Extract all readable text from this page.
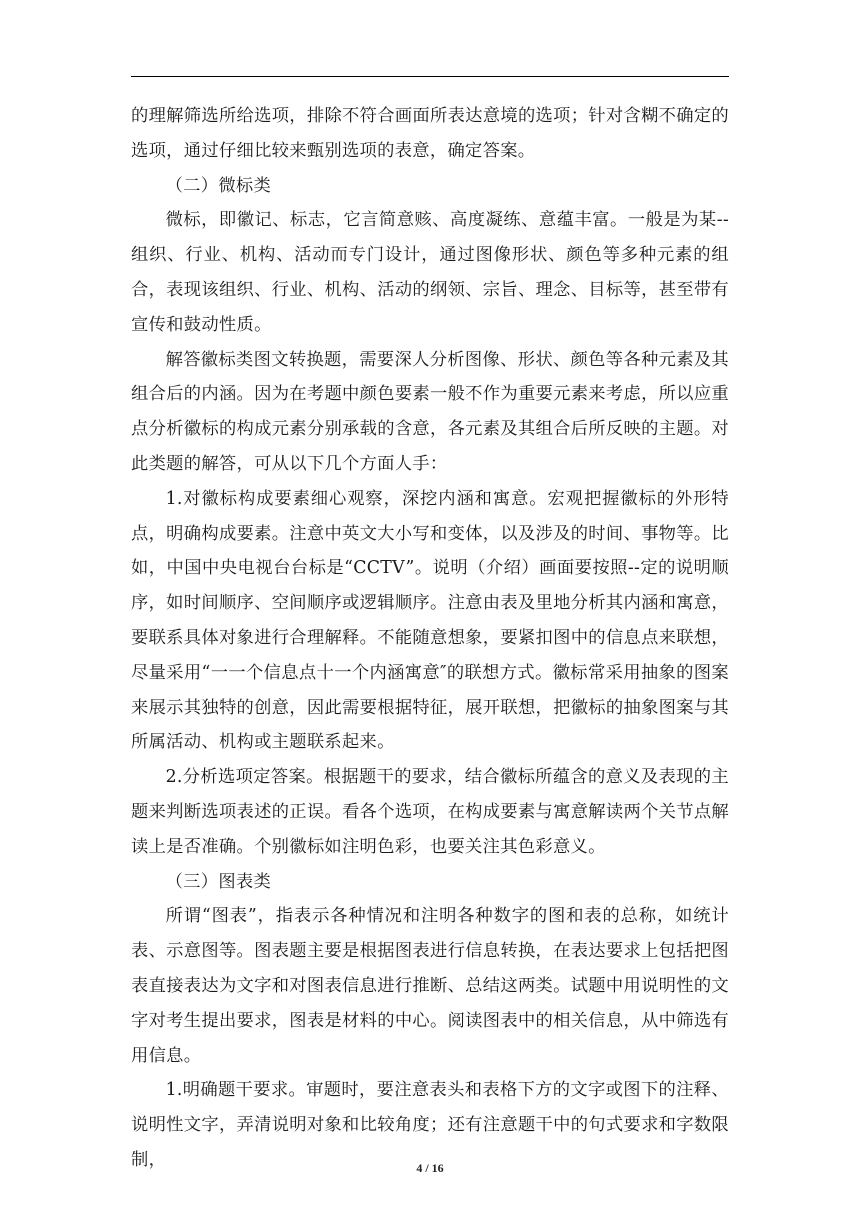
的理解筛选所给选项，排除不符合画面所表达意境的选项；针对含糊不确定的选项，通过仔细比较来甄别选项的表意，确定答案。

（二）微标类

微标，即徽记、标志，它言简意赅、高度凝练、意蕴丰富。一般是为某--组织、行业、机构、活动而专门设计，通过图像形状、颜色等多种元素的组合，表现该组织、行业、机构、活动的纲领、宗旨、理念、目标等，甚至带有宣传和鼓动性质。

解答徽标类图文转换题，需要深人分析图像、形状、颜色等各种元素及其组合后的内涵。因为在考题中颜色要素一般不作为重要元素来考虑，所以应重点分析徽标的构成元素分别承载的含意，各元素及其组合后所反映的主题。对此类题的解答，可从以下几个方面人手：

1.对徽标构成要素细心观察，深挖内涵和寓意。宏观把握徽标的外形特点，明确构成要素。注意中英文大小写和变体，以及涉及的时间、事物等。比如，中国中央电视台台标是“CCTV”。说明（介绍）画面要按照--定的说明顺序，如时间顺序、空间顺序或逻辑顺序。注意由表及里地分析其内涵和寓意，要联系具体对象进行合理解释。不能随意想象，要紧扣图中的信息点来联想，尽量采用“一一个信息点十一个内涵寓意″的联想方式。徽标常采用抽象的图案来展示其独特的创意，因此需要根据特征，展开联想，把徽标的抽象图案与其所属活动、机构或主题联系起来。

2.分析选项定答案。根据题干的要求，结合徽标所蕴含的意义及表现的主题来判断选项表述的正误。看各个选项，在构成要素与寓意解读两个关节点解读上是否准确。个别徽标如注明色彩，也要关注其色彩意义。

（三）图表类

所谓“图表”，指表示各种情况和注明各种数字的图和表的总称，如统计表、示意图等。图表题主要是根据图表进行信息转换，在表达要求上包括把图表直接表达为文字和对图表信息进行推断、总结这两类。试题中用说明性的文字对考生提出要求，图表是材料的中心。阅读图表中的相关信息，从中筛选有用信息。

1.明确题干要求。审题时，要注意表头和表格下方的文字或图下的注释、说明性文字，弄清说明对象和比较角度；还有注意题干中的句式要求和字数限制，	4 / 16
